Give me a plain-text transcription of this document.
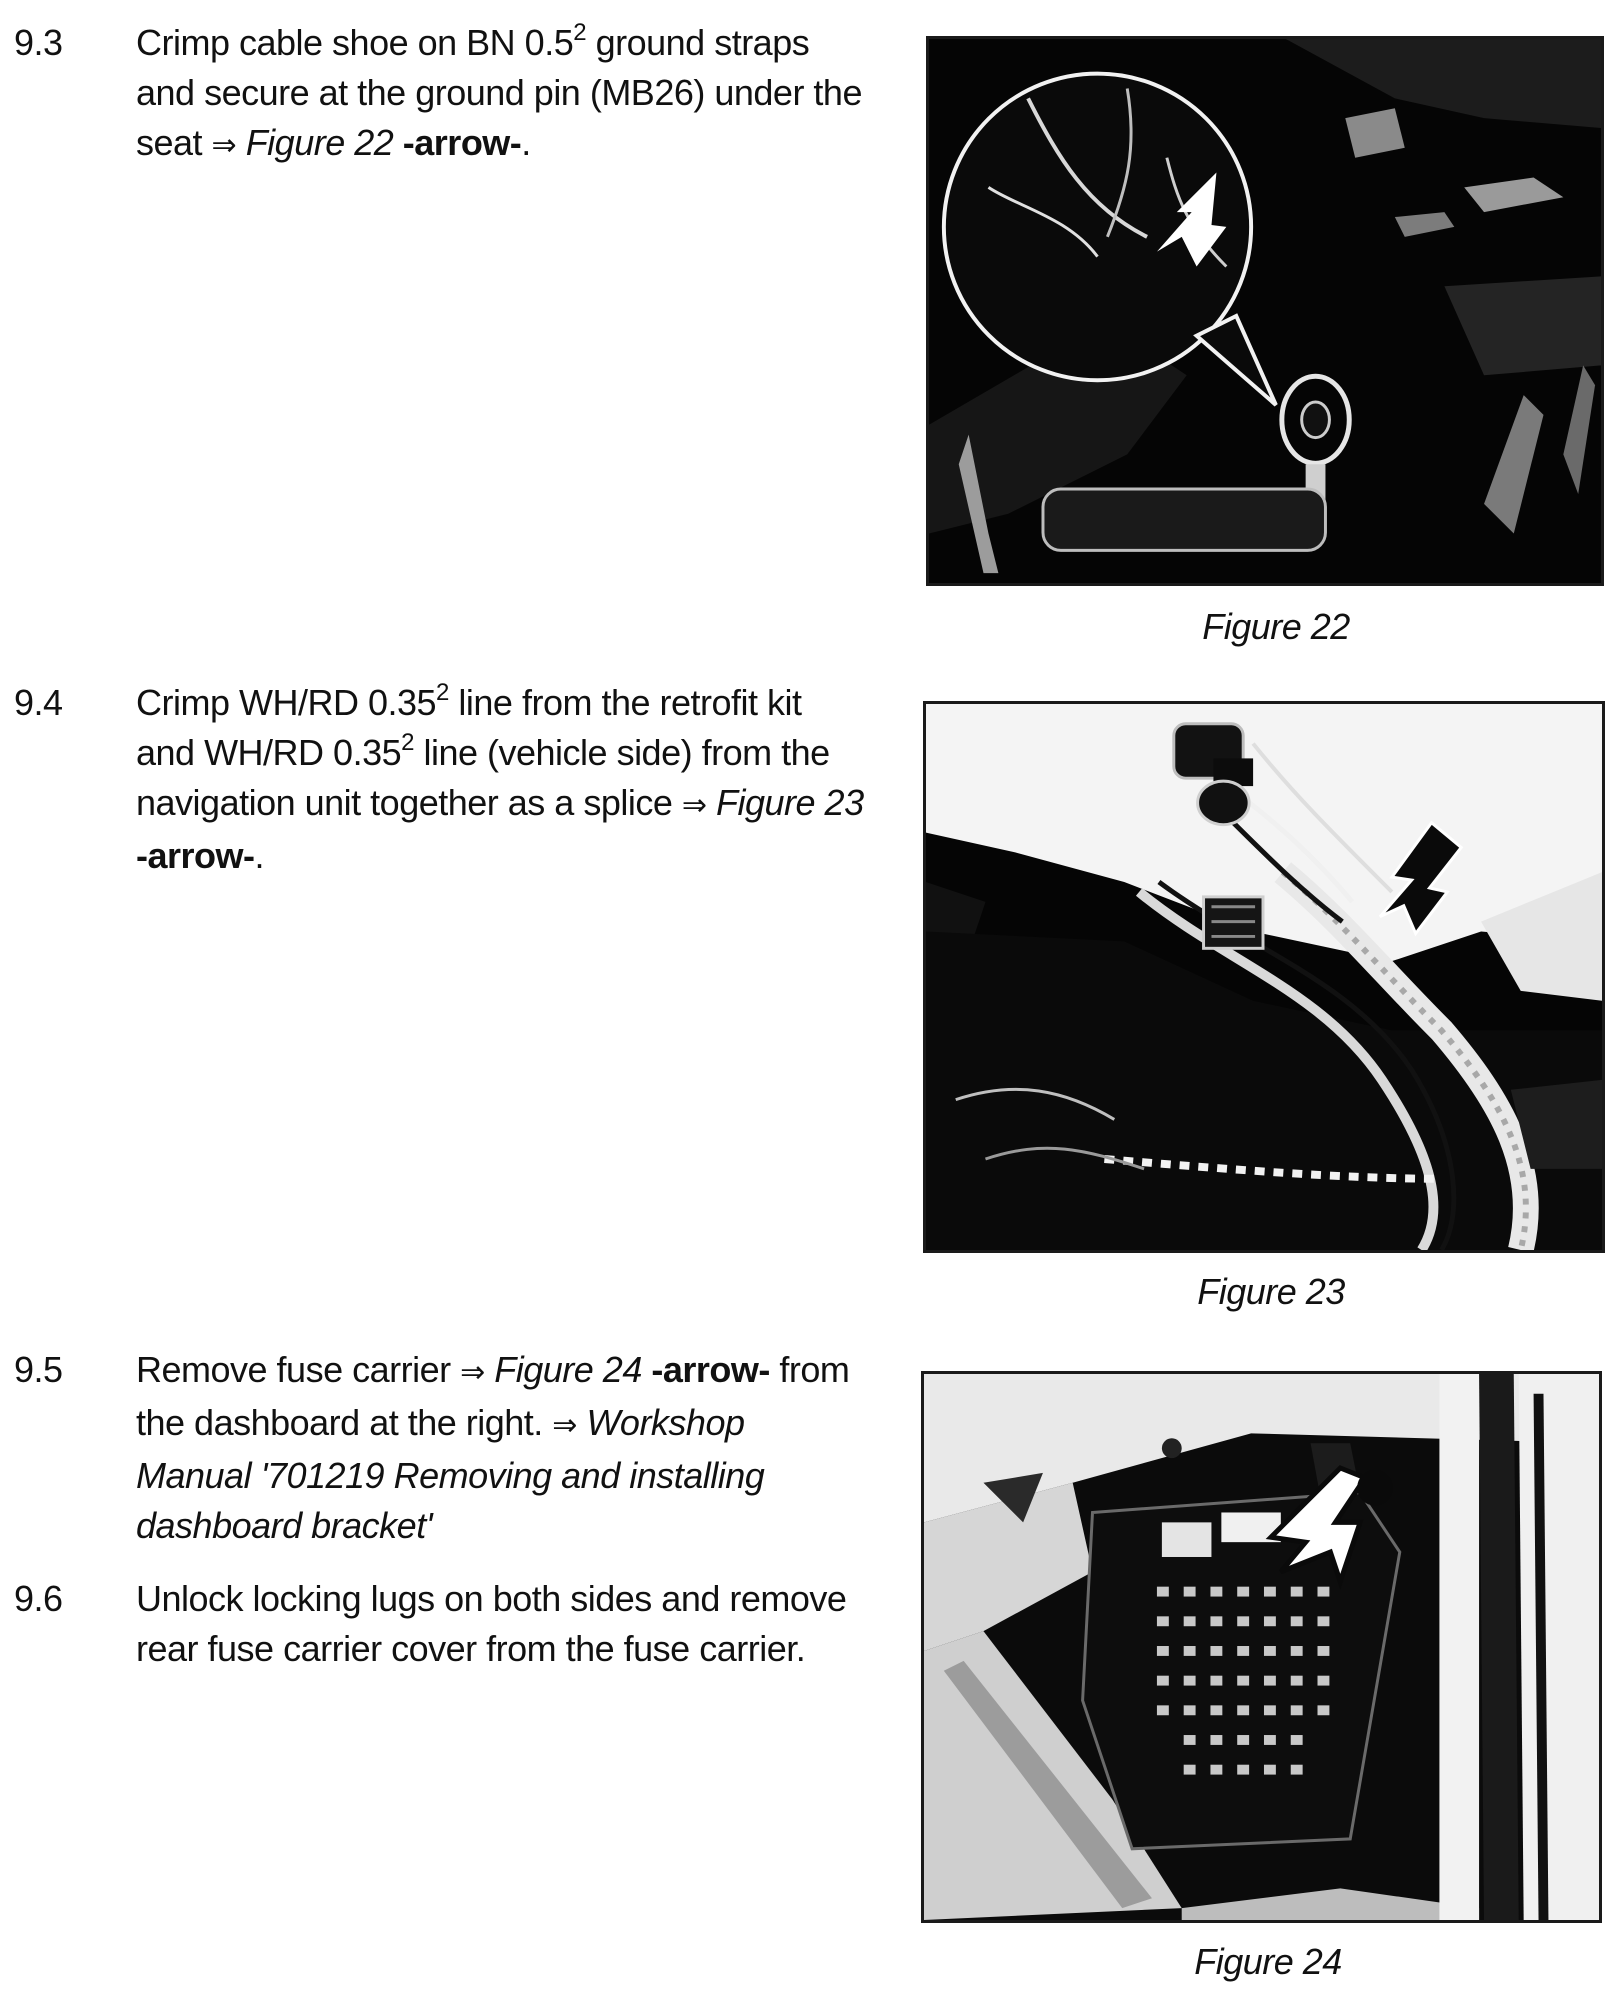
9.3	Crimp cable shoe on BN $0.5^2$ ground straps and secure at the ground pin (MB26) under the seat ⇒ Figure 22 -arrow-.
9.4	Crimp WH/RD 0.35$^2$ line from the retrofit kit and WH/RD 0.35$^2$ line (vehicle side) from the navigation unit together as a splice ⇒ Figure 23 -arrow-.
9.5	Remove fuse carrier ⇒ Figure 24 -arrow- from the dashboard at the right. ⇒ Workshop Manual '701219 Removing and installing dashboard bracket'
9.6	Unlock locking lugs on both sides and remove rear fuse carrier cover from the fuse carrier.
Figure 22
Figure 23
Figure 24
